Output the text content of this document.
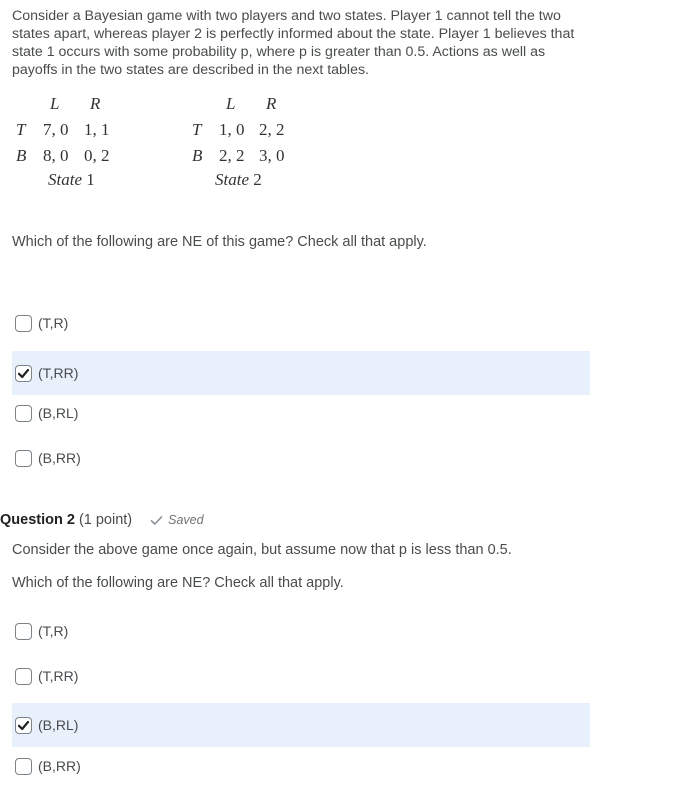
Consider a Bayesian game with two players and two states. Player 1 cannot tell the two states apart, whereas player 2 is perfectly informed about the state. Player 1 believes that state 1 occurs with some probability p, where p is greater than 0.5. Actions as well as payoffs in the two states are described in the next tables.
L R
T 7, 0 1, 1
B 8, 0 0, 2
State 1
L R
T 1, 0 2, 2
B 2, 2 3, 0
State 2
Which of the following are NE of this game? Check all that apply.
(T,R)
(T,RR)
(B,RL)
(B,RR)
Question 2 (1 point)	Saved
Consider the above game once again, but assume now that p is less than 0.5.
Which of the following are NE? Check all that apply.
(T,R)
(T,RR)
(B,RL)
(B,RR)
